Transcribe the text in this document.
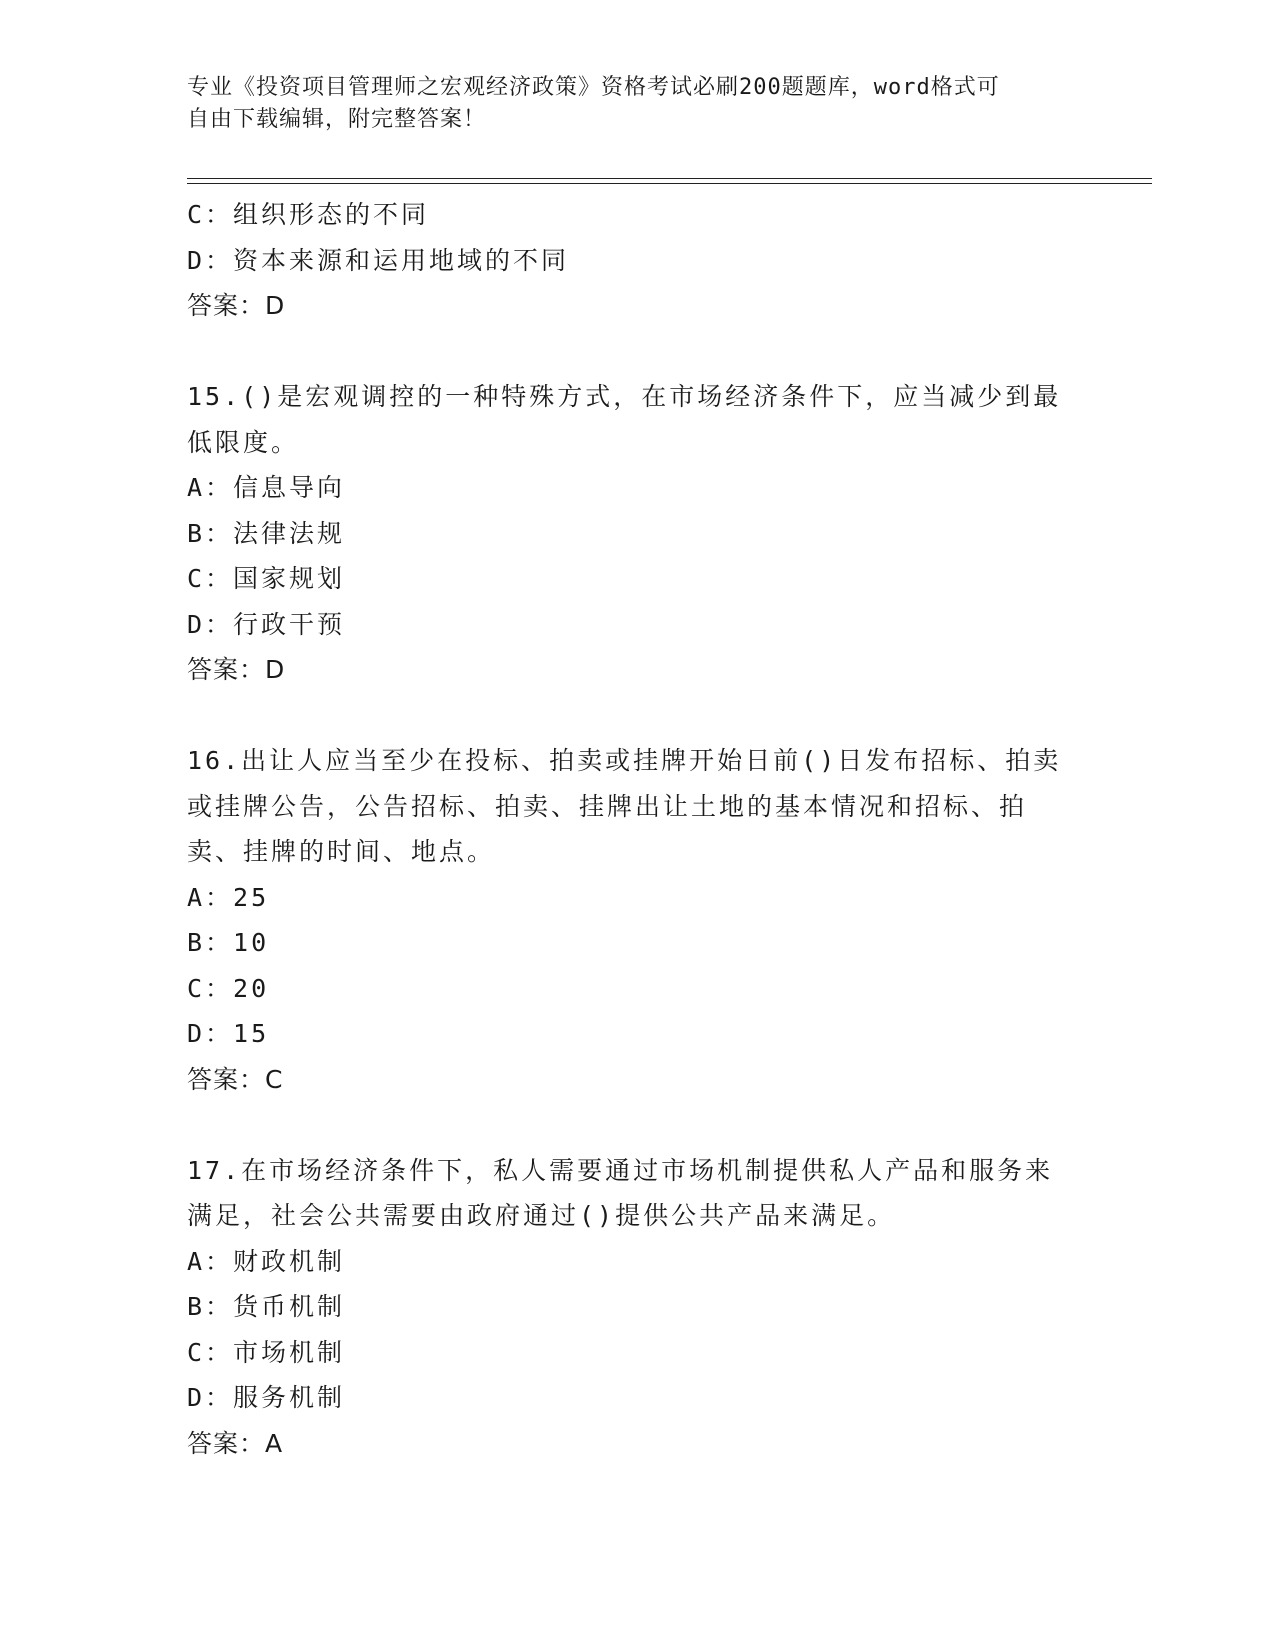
专业《投资项目管理师之宏观经济政策》资格考试必刷200题题库，word格式可
自由下载编辑，附完整答案！
C：组织形态的不同
D：资本来源和运用地域的不同
答案：D
15.()是宏观调控的一种特殊方式，在市场经济条件下，应当减少到最
低限度。
A：信息导向
B：法律法规
C：国家规划
D：行政干预
答案：D
16.出让人应当至少在投标、拍卖或挂牌开始日前()日发布招标、拍卖
或挂牌公告，公告招标、拍卖、挂牌出让土地的基本情况和招标、拍
卖、挂牌的时间、地点。
A：25
B：10
C：20
D：15
答案：C
17.在市场经济条件下，私人需要通过市场机制提供私人产品和服务来
满足，社会公共需要由政府通过()提供公共产品来满足。
A：财政机制
B：货币机制
C：市场机制
D：服务机制
答案：A
